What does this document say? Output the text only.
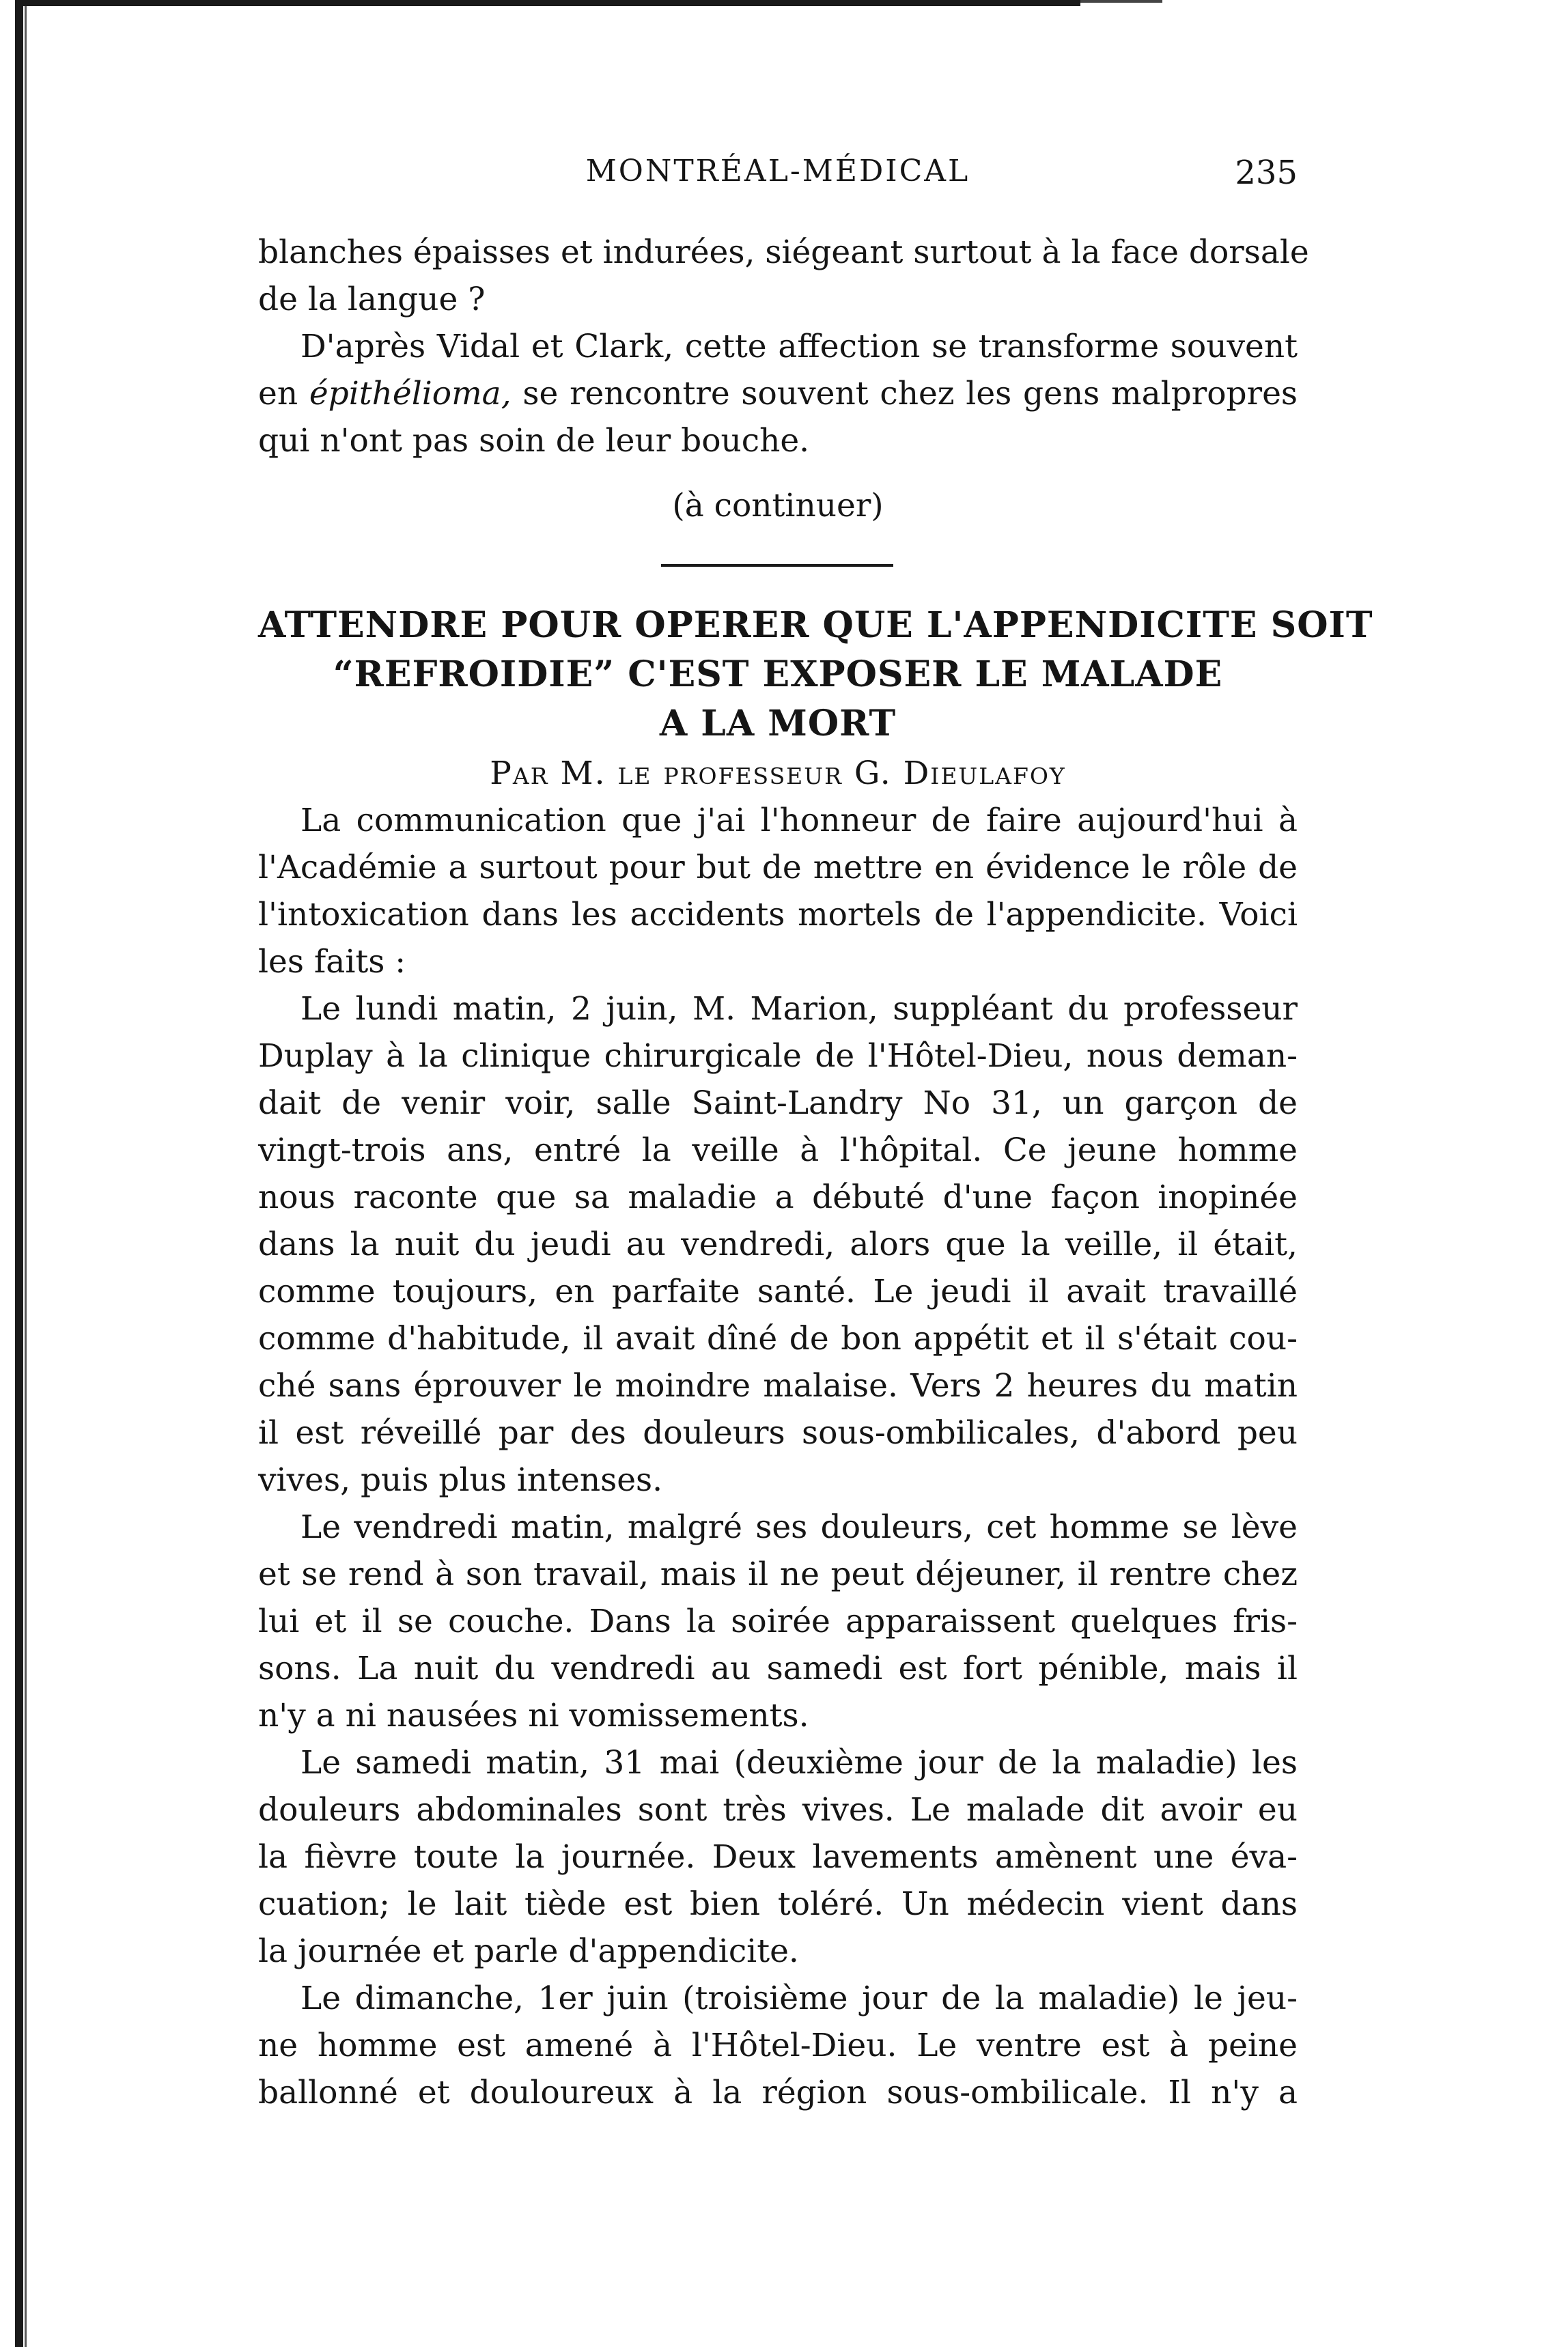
MONTRÉAL-MÉDICAL	235
blanches épaisses et indurées, siégeant surtout à la face dorsale
de la langue ?
D'après Vidal et Clark, cette affection se transforme souvent
en épithélioma, se rencontre souvent chez les gens malpropres
qui n'ont pas soin de leur bouche.
(à continuer)
ATTENDRE POUR OPERER QUE L'APPENDICITE SOIT
“REFROIDIE” C'EST EXPOSER LE MALADE
A LA MORT
Par M. le professeur G. Dieulafoy
La communication que j'ai l'honneur de faire aujourd'hui à
l'Académie a surtout pour but de mettre en évidence le rôle de
l'intoxication dans les accidents mortels de l'appendicite. Voici
les faits :
Le lundi matin, 2 juin, M. Marion, suppléant du professeur
Duplay à la clinique chirurgicale de l'Hôtel-Dieu, nous deman-
dait de venir voir, salle Saint-Landry No 31, un garçon de
vingt-trois ans, entré la veille à l'hôpital. Ce jeune homme
nous raconte que sa maladie a débuté d'une façon inopinée
dans la nuit du jeudi au vendredi, alors que la veille, il était,
comme toujours, en parfaite santé. Le jeudi il avait travaillé
comme d'habitude, il avait dîné de bon appétit et il s'était cou-
ché sans éprouver le moindre malaise. Vers 2 heures du matin
il est réveillé par des douleurs sous-ombilicales, d'abord peu
vives, puis plus intenses.
Le vendredi matin, malgré ses douleurs, cet homme se lève
et se rend à son travail, mais il ne peut déjeuner, il rentre chez
lui et il se couche. Dans la soirée apparaissent quelques fris-
sons. La nuit du vendredi au samedi est fort pénible, mais il
n'y a ni nausées ni vomissements.
Le samedi matin, 31 mai (deuxième jour de la maladie) les
douleurs abdominales sont très vives. Le malade dit avoir eu
la fièvre toute la journée. Deux lavements amènent une éva-
cuation; le lait tiède est bien toléré. Un médecin vient dans
la journée et parle d'appendicite.
Le dimanche, 1er juin (troisième jour de la maladie) le jeu-
ne homme est amené à l'Hôtel-Dieu. Le ventre est à peine
ballonné et douloureux à la région sous-ombilicale. Il n'y a
